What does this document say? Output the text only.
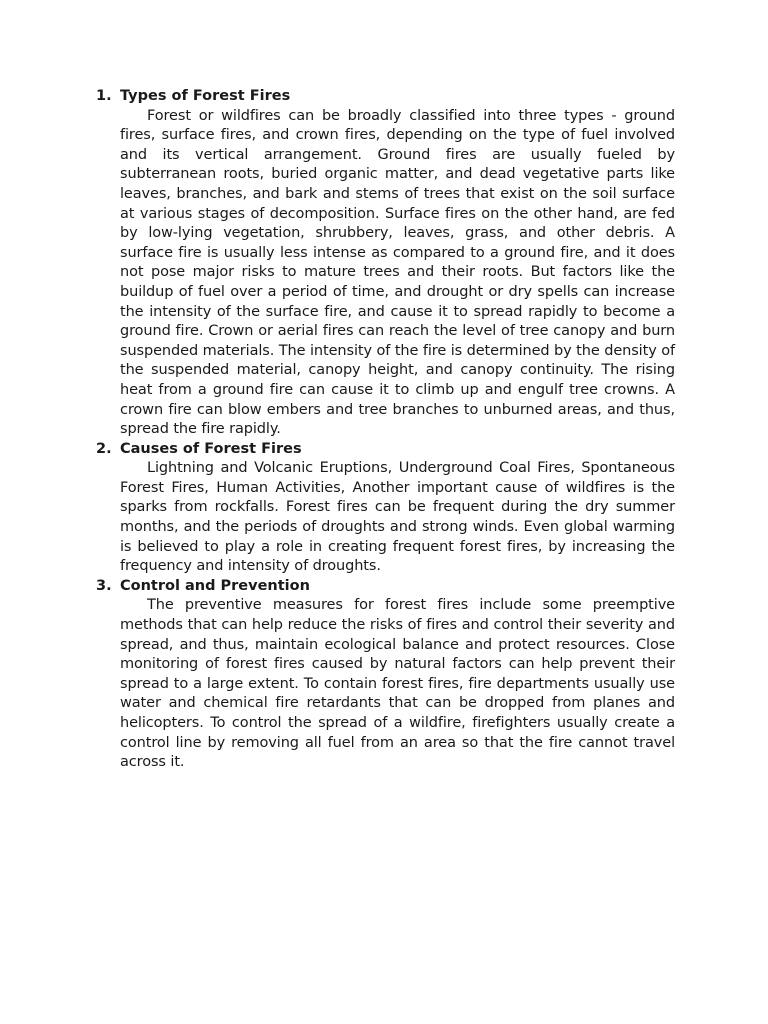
1. Types of Forest Fires

Forest or wildfires can be broadly classified into three types - ground fires, surface fires, and crown fires, depending on the type of fuel involved and its vertical arrangement. Ground fires are usually fueled by subterranean roots, buried organic matter, and dead vegetative parts like leaves, branches, and bark and stems of trees that exist on the soil surface at various stages of decomposition. Surface fires on the other hand, are fed by low-lying vegetation, shrubbery, leaves, grass, and other debris. A surface fire is usually less intense as compared to a ground fire, and it does not pose major risks to mature trees and their roots. But factors like the buildup of fuel over a period of time, and drought or dry spells can increase the intensity of the surface fire, and cause it to spread rapidly to become a ground fire. Crown or aerial fires can reach the level of tree canopy and burn suspended materials. The intensity of the fire is determined by the density of the suspended material, canopy height, and canopy continuity. The rising heat from a ground fire can cause it to climb up and engulf tree crowns. A crown fire can blow embers and tree branches to unburned areas, and thus, spread the fire rapidly.

2. Causes of Forest Fires

Lightning and Volcanic Eruptions, Underground Coal Fires, Spontaneous Forest Fires, Human Activities, Another important cause of wildfires is the sparks from rockfalls. Forest fires can be frequent during the dry summer months, and the periods of droughts and strong winds. Even global warming is believed to play a role in creating frequent forest fires, by increasing the frequency and intensity of droughts.

3. Control and Prevention

The preventive measures for forest fires include some preemptive methods that can help reduce the risks of fires and control their severity and spread, and thus, maintain ecological balance and protect resources. Close monitoring of forest fires caused by natural factors can help prevent their spread to a large extent. To contain forest fires, fire departments usually use water and chemical fire retardants that can be dropped from planes and helicopters. To control the spread of a wildfire, firefighters usually create a control line by removing all fuel from an area so that the fire cannot travel across it.
